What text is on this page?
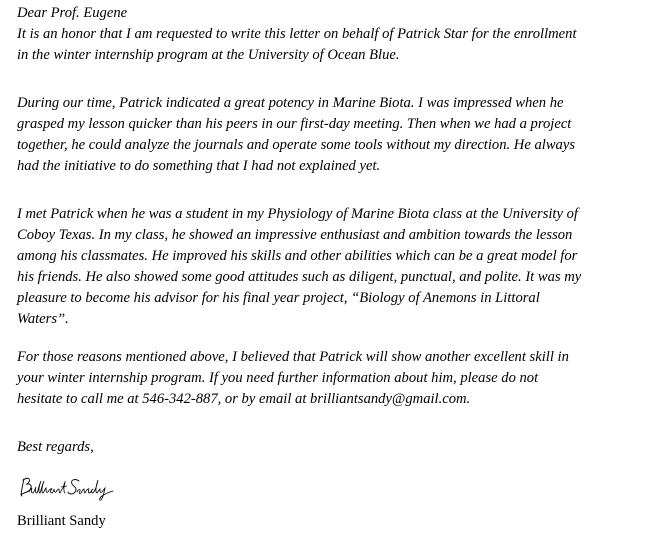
Dear Prof. Eugene

It is an honor that I am requested to write this letter on behalf of Patrick Star for the enrollment
in the winter internship program at the University of Ocean Blue.
During our time, Patrick indicated a great potency in Marine Biota. I was impressed when he
grasped my lesson quicker than his peers in our first-day meeting. Then when we had a project
together, he could analyze the journals and operate some tools without my direction. He always
had the initiative to do something that I had not explained yet.
I met Patrick when he was a student in my Physiology of Marine Biota class at the University of
Coboy Texas. In my class, he showed an impressive enthusiast and ambition towards the lesson
among his classmates. He improved his skills and other abilities which can be a great model for
his friends. He also showed some good attitudes such as diligent, punctual, and polite. It was my
pleasure to become his advisor for his final year project, “Biology of Anemons in Littoral
Waters”.
For those reasons mentioned above, I believed that Patrick will show another excellent skill in
your winter internship program. If you need further information about him, please do not
hesitate to call me at 546-342-887, or by email at brilliantsandy@gmail.com.

Best regards,

Brilliant Sandy
